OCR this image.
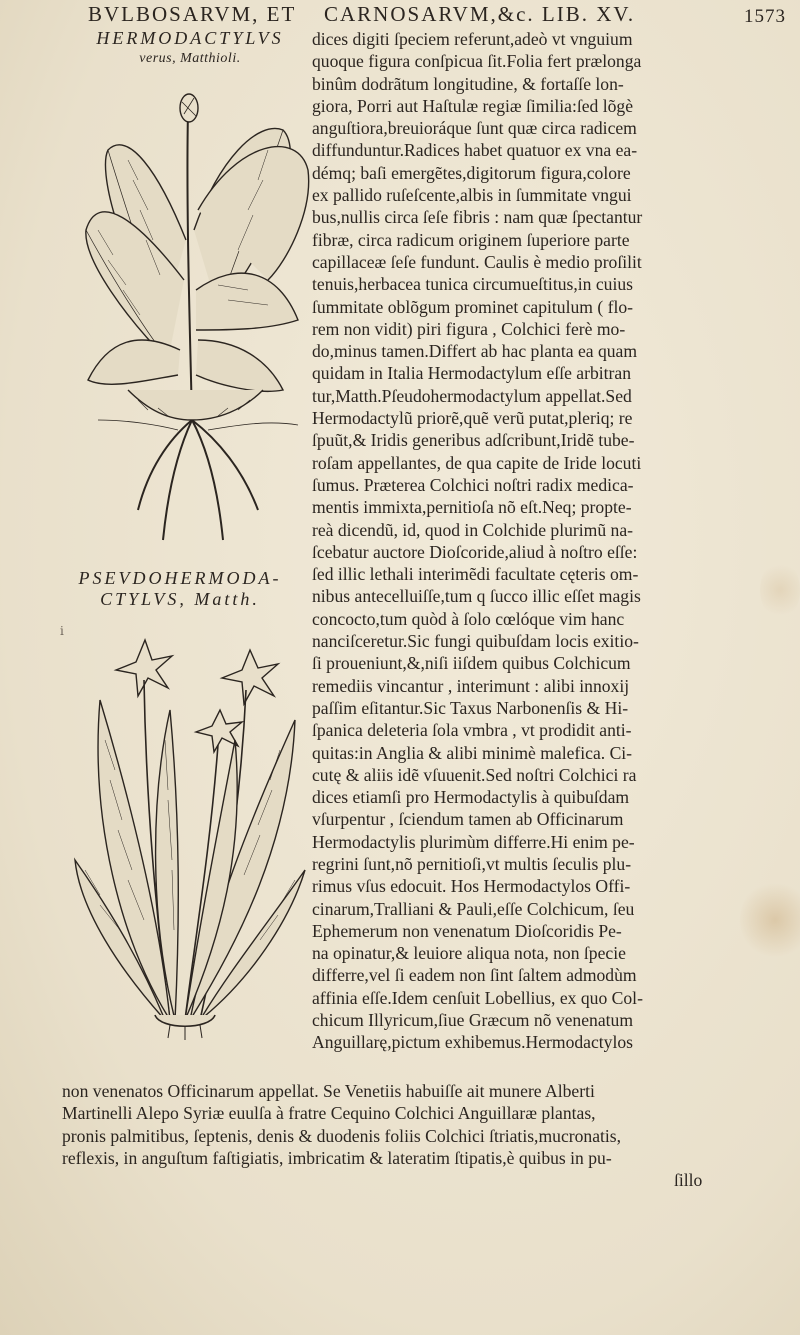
BVLBOSARVM, ET CARNOSARVM,&c. LIB. XV.	1573
HERMODACTYLVS
verus, Matthioli.
PSEVDOHERMODA-
CTYLVS, Matth.
i
dices digiti ſpeciem referunt,adeò vt vnguium
quoque figura conſpicua ſit.Folia fert prælonga
binûm dodrãtum longitudine, & fortaſſe lon-
giora, Porri aut Haſtulæ regiæ ſimilia:ſed lõgè
anguſtiora,breuioráque ſunt quæ circa radicem
diffunduntur.Radices habet quatuor ex vna ea-
démq; baſi emergẽtes,digitorum figura,colore
ex pallido ruſeſcente,albis in ſummitate vngui
bus,nullis circa ſeſe fibris : nam quæ ſpectantur
fibræ, circa radicum originem ſuperiore parte
capillaceæ ſeſe fundunt. Caulis è medio proſilit
tenuis,herbacea tunica circumueſtitus,in cuius
ſummitate oblõgum prominet capitulum ( flo-
rem non vidit) piri figura , Colchici ferè mo-
do,minus tamen.Differt ab hac planta ea quam
quidam in Italia Hermodactylum eſſe arbitran
tur,Matth.Pſeudohermodactylum appellat.Sed
Hermodactylũ priorẽ,quẽ verũ putat,pleriq; re
ſpuũt,& Iridis generibus adſcribunt,Iridẽ tube-
roſam appellantes, de qua capite de Iride locuti
ſumus. Præterea Colchici noſtri radix medica-
mentis immixta,pernitioſa nõ eſt.Neq; propte-
reà dicendũ, id, quod in Colchide plurimũ na-
ſcebatur auctore Dioſcoride,aliud à noſtro eſſe:
ſed illic lethali interimẽdi facultate cęteris om-
nibus antecelluiſſe,tum q ſucco illic eſſet magis
concocto,tum quòd à ſolo cœlóque vim hanc
nanciſceretur.Sic fungi quibuſdam locis exitio-
ſi proueniunt,&,niſi iiſdem quibus Colchicum
remediis vincantur , interimunt : alibi innoxij
paſſim eſitantur.Sic Taxus Narbonenſis & Hi-
ſpanica deleteria ſola vmbra , vt prodidit anti-
quitas:in Anglia & alibi minimè malefica. Ci-
cutę & aliis idẽ vſuuenit.Sed noſtri Colchici ra
dices etiamſi pro Hermodactylis à quibuſdam
vſurpentur , ſciendum tamen ab Officinarum
Hermodactylis plurimùm differre.Hi enim pe-
regrini ſunt,nõ pernitioſi,vt multis ſeculis plu-
rimus vſus edocuit. Hos Hermodactylos Offi-
cinarum,Tralliani & Pauli,eſſe Colchicum, ſeu
Ephemerum non venenatum Dioſcoridis Pe-
na opinatur,& leuiore aliqua nota, non ſpecie
differre,vel ſi eadem non ſint ſaltem admodùm
affinia eſſe.Idem cenſuit Lobellius, ex quo Col-
chicum Illyricum,ſiue Græcum nõ venenatum
Anguillarę,pictum exhibemus.Hermodactylos
non venenatos Officinarum appellat. Se Venetiis habuiſſe ait munere Alberti
Martinelli Alepo Syriæ euulſa à fratre Cequino Colchici Anguillaræ plantas,
pronis palmitibus, ſeptenis, denis & duodenis foliis Colchici ſtriatis,mucronatis,
reflexis, in anguſtum faſtigiatis, imbricatim & lateratim ſtipatis,è quibus in pu-
ſillo
